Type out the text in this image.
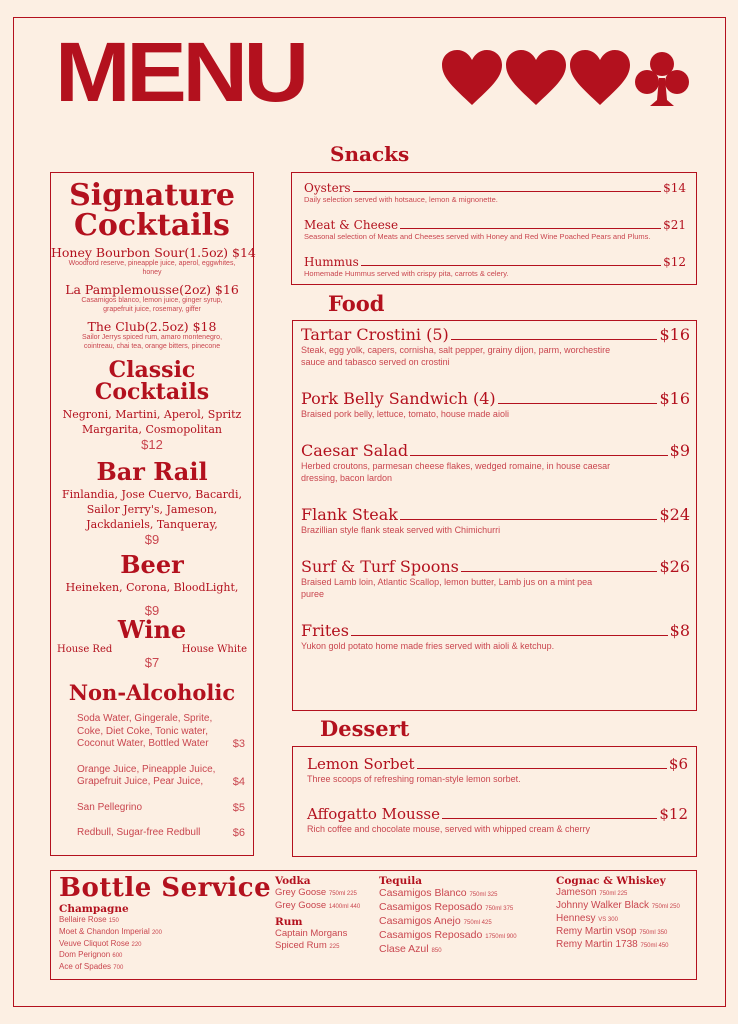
MENU
Signature
Cocktails
Honey Bourbon Sour(1.5oz) $14
Woodford reserve, pineapple juice, aperol, eggwhites, honey
La Pamplemousse(2oz) $16
Casamigos blanco, lemon juice, ginger syrup, grapefruit juice, rosemary, giffer
The Club(2.5oz) $18
Sailor Jerrys spiced rum, amaro montenegro, cointreau, chai tea, orange bitters, pinecone
Classic Cocktails
Negroni, Martini, Aperol, Spritz
Margarita, Cosmopolitan
$12
Bar Rail
Finlandia, Jose Cuervo, Bacardi,
Sailor Jerry's, Jameson,
Jackdaniels, Tanqueray,
$9
Beer
Heineken, Corona, BloodLight,
$9
Wine
House Red	House White
$7
Non-Alcoholic
Soda Water, Gingerale, Sprite,
Coke, Diet Coke, Tonic water,
Coconut Water, Bottled Water	$3
Orange Juice, Pineapple Juice,
Grapefruit Juice, Pear Juice,	$4
San Pellegrino	$5
Redbull, Sugar-free Redbull	$6
Snacks
Oysters	$14
Daily selection served with hotsauce, lemon & mignonette.
Meat & Cheese	$21
Seasonal selection of Meats and Cheeses served with Honey and Red Wine Poached Pears and Plums.
Hummus	$12
Homemade Hummus served with crispy pita, carrots & celery.
Food
Tartar Crostini (5)	$16
Steak, egg yolk, capers, cornisha, salt pepper, grainy dijon, parm, worchestire sauce and tabasco served on crostini
Pork Belly Sandwich (4)	$16
Braised pork belly, lettuce, tomato, house made aioli
Caesar Salad	$9
Herbed croutons, parmesan cheese flakes, wedged romaine, in house caesar dressing, bacon lardon
Flank Steak	$24
Brazillian style flank steak served with Chimichurri
Surf & Turf Spoons	$26
Braised Lamb loin, Atlantic Scallop, lemon butter, Lamb jus on a mint pea puree
Frites	$8
Yukon gold potato home made fries served with aioli & ketchup.
Dessert
Lemon Sorbet	$6
Three scoops of refreshing roman-style lemon sorbet.
Affogatto Mousse	$12
Rich coffee and chocolate mouse, served with whipped cream & cherry
Bottle Service
Champagne
Bellaire Rose 150
Moet & Chandon Imperial 200
Veuve Cliquot Rose 220
Dom Perignon 600
Ace of Spades 700
Vodka
Grey Goose 750ml 225
Grey Goose 1400ml 440
Rum
Captain Morgans
Spiced Rum 225
Tequila
Casamigos Blanco 750ml 325
Casamigos Reposado 750ml 375
Casamigos Anejo 750ml 425
Casamigos Reposado 1750ml 900
Clase Azul 850
Cognac & Whiskey
Jameson 750ml 225
Johnny Walker Black 750ml 250
Hennesy VS 300
Remy Martin vsop 750ml 350
Remy Martin 1738 750ml 450
